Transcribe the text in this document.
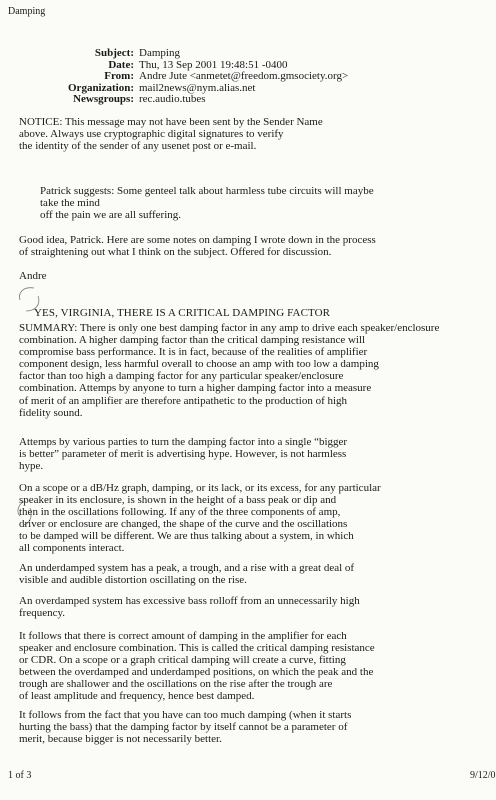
Damping
Subject: Damping
Date: Thu, 13 Sep 2001 19:48:51 -0400
From: Andre Jute <anmetet@freedom.gmsociety.org>
Organization: mail2news@nym.alias.net
Newsgroups: rec.audio.tubes

NOTICE: This message may not have been sent by the Sender Name
above. Always use cryptographic digital signatures to verify
the identity of the sender of any usenet post or e-mail.

Patrick suggests: Some genteel talk about harmless tube circuits will maybe
take the mind
off the pain we are all suffering.

Good idea, Patrick. Here are some notes on damping I wrote down in the process
of straightening out what I think on the subject. Offered for discussion.

Andre

YES, VIRGINIA, THERE IS A CRITICAL DAMPING FACTOR

SUMMARY: There is only one best damping factor in any amp to drive each speaker/enclosure
combination. A higher damping factor than the critical damping resistance will
compromise bass performance. It is in fact, because of the realities of amplifier
component design, less harmful overall to choose an amp with too low a damping
factor than too high a damping factor for any particular speaker/enclosure
combination. Attemps by anyone to turn a higher damping factor into a measure
of merit of an amplifier are therefore antipathetic to the production of high
fidelity sound.

Attemps by various parties to turn the damping factor into a single “bigger
is better” parameter of merit is advertising hype. However, is not harmless
hype.

On a scope or a dB/Hz graph, damping, or its lack, or its excess, for any particular
speaker in its enclosure, is shown in the height of a bass peak or dip and
then in the oscillations following. If any of the three components of amp,
driver or enclosure are changed, the shape of the curve and the oscillations
to be damped will be different. We are thus talking about a system, in which
all components interact.

An underdamped system has a peak, a trough, and a rise with a great deal of
visible and audible distortion oscillating on the rise.

An overdamped system has excessive bass rolloff from an unnecessarily high
frequency.

It follows that there is correct amount of damping in the amplifier for each
speaker and enclosure combination. This is called the critical damping resistance
or CDR. On a scope or a graph critical damping will create a curve, fitting
between the overdamped and underdamped positions, on which the peak and the
trough are shallower and the oscillations on the rise after the trough are
of least amplitude and frequency, hence best damped.

It follows from the fact that you have can too much damping (when it starts
hurting the bass) that the damping factor by itself cannot be a parameter of
merit, because bigger is not necessarily better.

1 of 3	9/12/0
